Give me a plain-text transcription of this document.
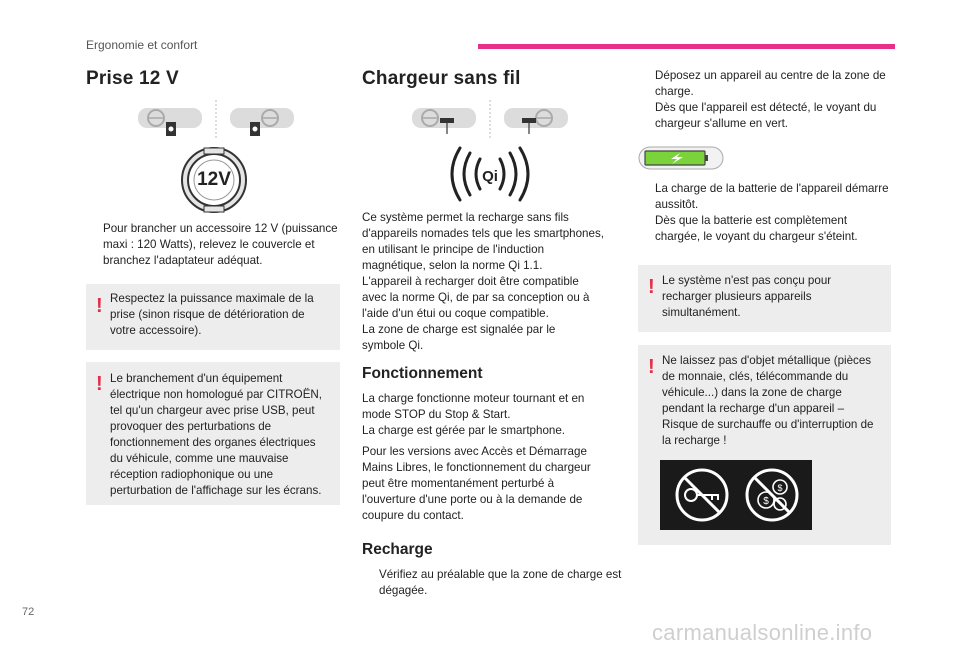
Ergonomie et confort
Prise 12 V
12V
Pour brancher un accessoire 12 V (puissance maxi : 120 Watts), relevez le couvercle et branchez l'adaptateur adéquat.
! Respectez la puissance maximale de la prise (sinon risque de détérioration de votre accessoire).
! Le branchement d'un équipement électrique non homologué par CITROËN, tel qu'un chargeur avec prise USB, peut provoquer des perturbations de fonctionnement des organes électriques du véhicule, comme une mauvaise réception radiophonique ou une perturbation de l'affichage sur les écrans.
Chargeur sans fil
Qi
Ce système permet la recharge sans fils
d'appareils nomades tels que les smartphones,
en utilisant le principe de l'induction
magnétique, selon la norme Qi 1.1.
L'appareil à recharger doit être compatible
avec la norme Qi, de par sa conception ou à
l'aide d'un étui ou coque compatible.
La zone de charge est signalée par le
symbole Qi.
Fonctionnement
La charge fonctionne moteur tournant et en
mode STOP du Stop & Start.
La charge est gérée par le smartphone.
Pour les versions avec Accès et Démarrage
Mains Libres, le fonctionnement du chargeur
peut être momentanément perturbé à
l'ouverture d'une porte ou à la demande de
coupure du contact.
Recharge
Vérifiez au préalable que la zone de charge est dégagée.
Déposez un appareil au centre de la zone de charge.
Dès que l'appareil est détecté, le voyant du chargeur s'allume en vert.
La charge de la batterie de l'appareil démarre aussitôt.
Dès que la batterie est complètement chargée, le voyant du chargeur s'éteint.
! Le système n'est pas conçu pour recharger plusieurs appareils simultanément.
! Ne laissez pas d'objet métallique (pièces de monnaie, clés, télécommande du véhicule...) dans la zone de charge pendant la recharge d'un appareil – Risque de surchauffe ou d'interruption de la recharge !
$
$
72
carmanualsonline.info
